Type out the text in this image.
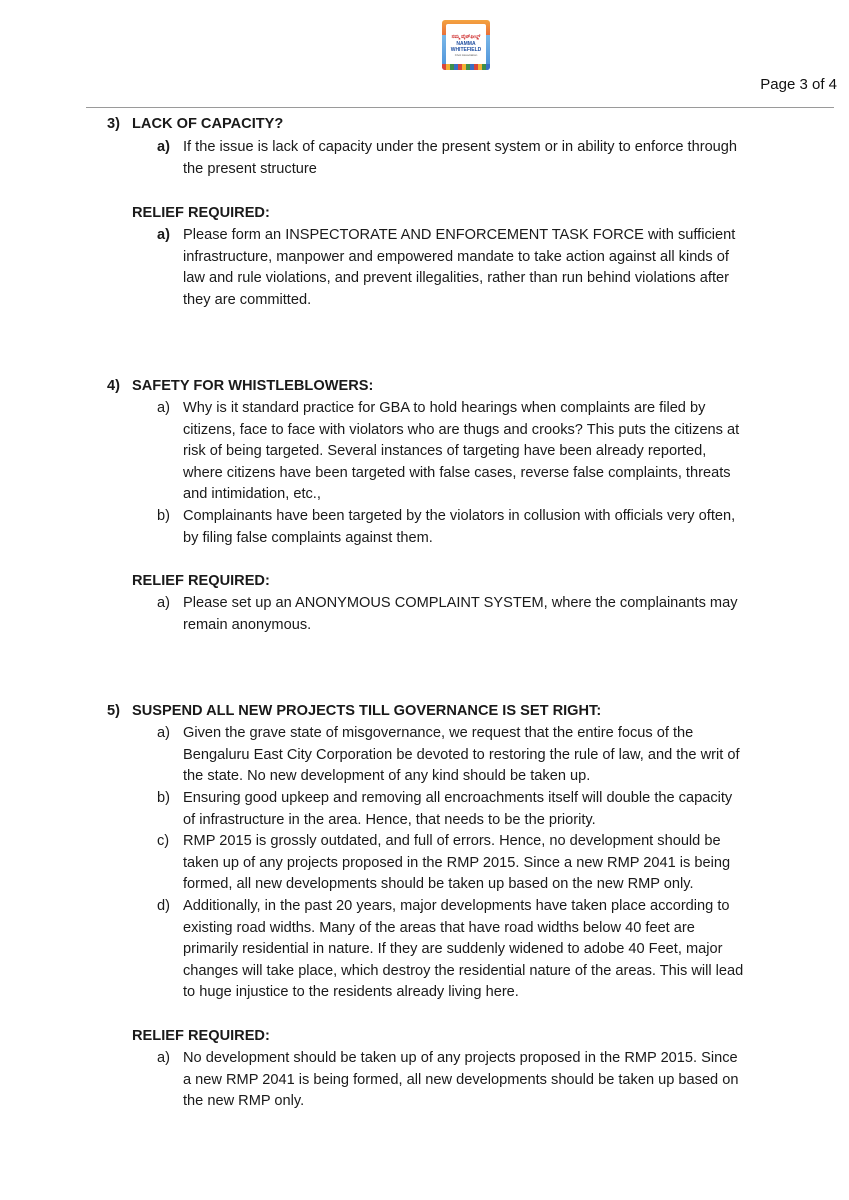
ನಮ್ಮ ವೈಟ್‌ಫೀಲ್ಡ್
NAMMA
WHITEFIELD
Civic Association
Page 3 of 4
3) LACK OF CAPACITY?
a) If the issue is lack of capacity under the present system or in ability to enforce through
the present structure
RELIEF REQUIRED:
a) Please form an INSPECTORATE AND ENFORCEMENT TASK FORCE with sufficient
infrastructure, manpower and empowered mandate to take action against all kinds of
law and rule violations, and prevent illegalities, rather than run behind violations after
they are committed.
4) SAFETY FOR WHISTLEBLOWERS:
a) Why is it standard practice for GBA to hold hearings when complaints are filed by
citizens, face to face with violators who are thugs and crooks? This puts the citizens at
risk of being targeted. Several instances of targeting have been already reported,
where citizens have been targeted with false cases, reverse false complaints, threats
and intimidation, etc.,
b) Complainants have been targeted by the violators in collusion with officials very often,
by filing false complaints against them.
RELIEF REQUIRED:
a) Please set up an ANONYMOUS COMPLAINT SYSTEM, where the complainants may
remain anonymous.
5) SUSPEND ALL NEW PROJECTS TILL GOVERNANCE IS SET RIGHT:
a) Given the grave state of misgovernance, we request that the entire focus of the
Bengaluru East City Corporation be devoted to restoring the rule of law, and the writ of
the state. No new development of any kind should be taken up.
b) Ensuring good upkeep and removing all encroachments itself will double the capacity
of infrastructure in the area. Hence, that needs to be the priority.
c) RMP 2015 is grossly outdated, and full of errors. Hence, no development should be
taken up of any projects proposed in the RMP 2015. Since a new RMP 2041 is being
formed, all new developments should be taken up based on the new RMP only.
d) Additionally, in the past 20 years, major developments have taken place according to
existing road widths. Many of the areas that have road widths below 40 feet are
primarily residential in nature. If they are suddenly widened to adobe 40 Feet, major
changes will take place, which destroy the residential nature of the areas. This will lead
to huge injustice to the residents already living here.
RELIEF REQUIRED:
a) No development should be taken up of any projects proposed in the RMP 2015. Since
a new RMP 2041 is being formed, all new developments should be taken up based on
the new RMP only.
